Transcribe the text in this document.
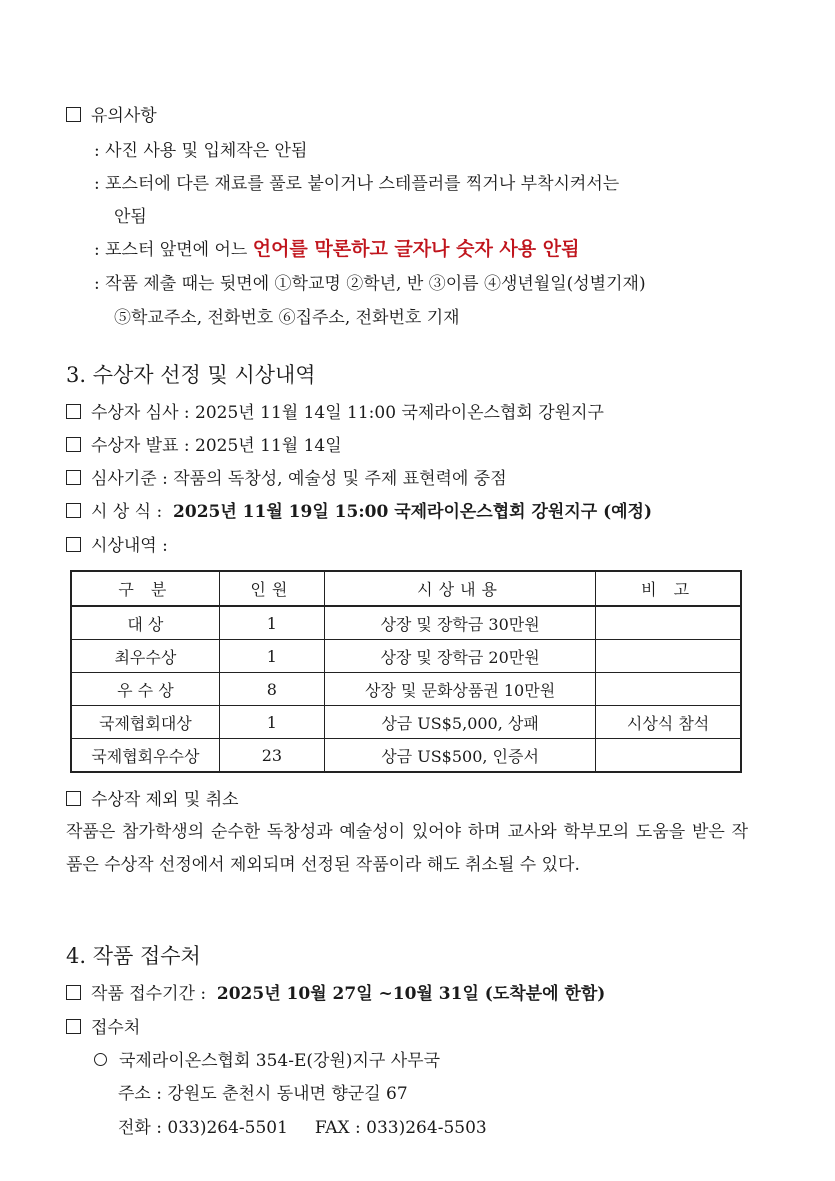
유의사항
: 사진 사용 및 입체작은 안됨
: 포스터에 다른 재료를 풀로 붙이거나 스테플러를 찍거나 부착시켜서는
안됨
: 포스터 앞면에 어느 언어를 막론하고 글자나 숫자 사용 안됨
: 작품 제출 때는 뒷면에 ①학교명 ②학년, 반 ③이름 ④생년월일(성별기재)
⑤학교주소, 전화번호 ⑥집주소, 전화번호 기재
3. 수상자 선정 및 시상내역
수상자 심사 : 2025년 11월 14일 11:00 국제라이온스협회 강원지구
수상자 발표 : 2025년 11월 14일
심사기준 : 작품의 독창성, 예술성 및 주제 표현력에 중점
시 상 식 : 2025년 11월 19일 15:00 국제라이온스협회 강원지구 (예정)
시상내역 :
구 분	인원	시상내용	비 고
대 상	1	상장 및 장학금 30만원	
최우수상	1	상장 및 장학금 20만원	
우 수 상	8	상장 및 문화상품권 10만원	
국제협회대상	1	상금 US$5,000, 상패	시상식 참석
국제협회우수상	23	상금 US$500, 인증서	
수상작 제외 및 취소
작품은 참가학생의 순수한 독창성과 예술성이 있어야 하며 교사와 학부모의 도움을 받은 작품은 수상작 선정에서 제외되며 선정된 작품이라 해도 취소될 수 있다.
4. 작품 접수처
작품 접수기간 : 2025년 10월 27일 ~10월 31일 (도착분에 한함)
접수처
국제라이온스협회 354-E(강원)지구 사무국
주소 : 강원도 춘천시 동내면 향군길 67
전화 : 033)264-5501     FAX : 033)264-5503
